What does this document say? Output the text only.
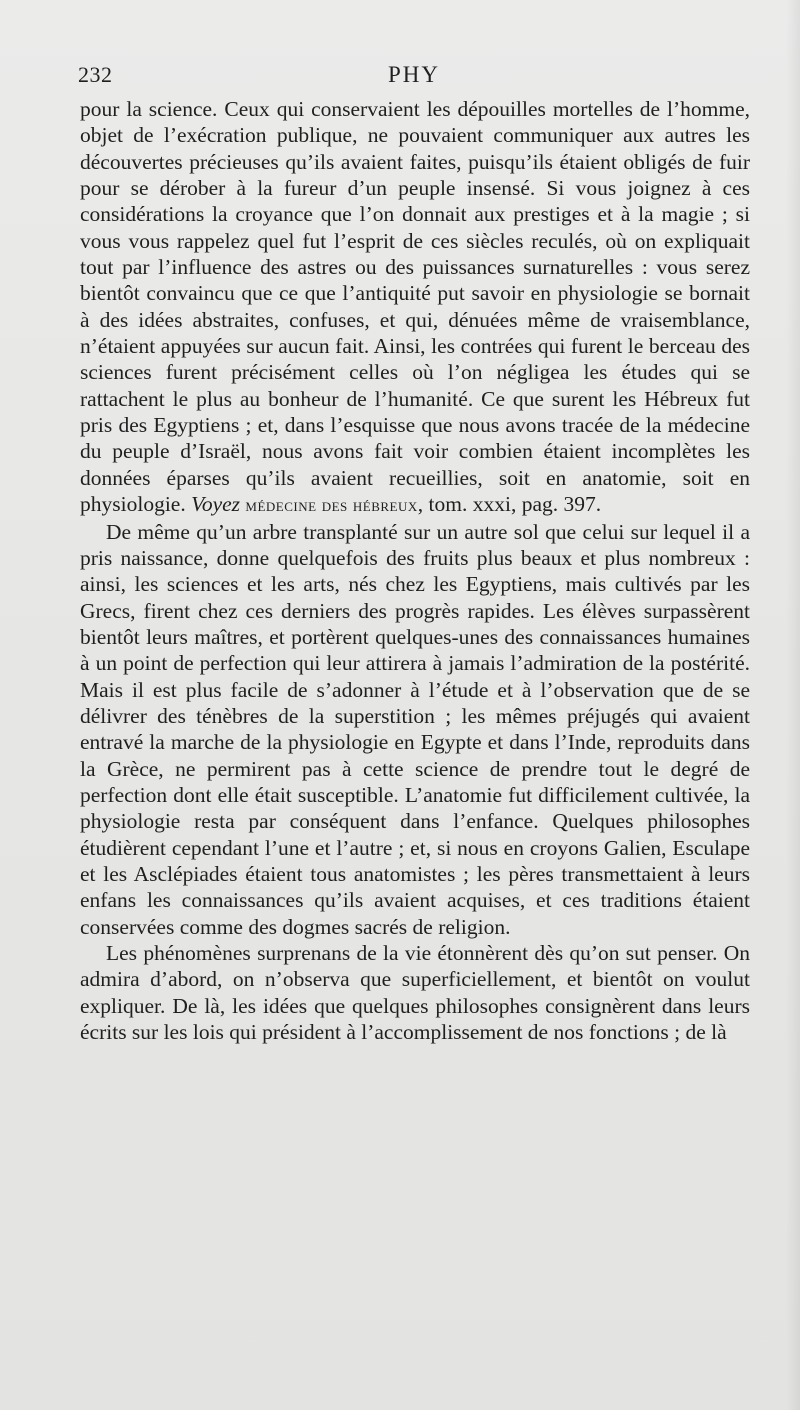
232	PHY

pour la science. Ceux qui conservaient les dépouilles mortelles de l’homme, objet de l’exécration publique, ne pouvaient communiquer aux autres les découvertes précieuses qu’ils avaient faites, puisqu’ils étaient obligés de fuir pour se dérober à la fureur d’un peuple insensé. Si vous joignez à ces considérations la croyance que l’on donnait aux prestiges et à la magie ; si vous vous rappelez quel fut l’esprit de ces siècles reculés, où on expliquait tout par l’influence des astres ou des puissances surnaturelles : vous serez bientôt convaincu que ce que l’antiquité put savoir en physiologie se bornait à des idées abstraites, confuses, et qui, dénuées même de vraisemblance, n’étaient appuyées sur aucun fait. Ainsi, les contrées qui furent le berceau des sciences furent précisément celles où l’on négligea les études qui se rattachent le plus au bonheur de l’humanité. Ce que surent les Hébreux fut pris des Egyptiens ; et, dans l’esquisse que nous avons tracée de la médecine du peuple d’Israël, nous avons fait voir combien étaient incomplètes les données éparses qu’ils avaient recueillies, soit en anatomie, soit en physiologie. Voyez médecine des hébreux, tom. xxxi, pag. 397.

De même qu’un arbre transplanté sur un autre sol que celui sur lequel il a pris naissance, donne quelquefois des fruits plus beaux et plus nombreux : ainsi, les sciences et les arts, nés chez les Egyptiens, mais cultivés par les Grecs, firent chez ces derniers des progrès rapides. Les élèves surpassèrent bientôt leurs maîtres, et portèrent quelques-unes des connaissances humaines à un point de perfection qui leur attirera à jamais l’admiration de la postérité. Mais il est plus facile de s’adonner à l’étude et à l’observation que de se délivrer des ténèbres de la superstition ; les mêmes préjugés qui avaient entravé la marche de la physiologie en Egypte et dans l’Inde, reproduits dans la Grèce, ne permirent pas à cette science de prendre tout le degré de perfection dont elle était susceptible. L’anatomie fut difficilement cultivée, la physiologie resta par conséquent dans l’enfance. Quelques philosophes étudièrent cependant l’une et l’autre ; et, si nous en croyons Galien, Esculape et les Asclépiades étaient tous anatomistes ; les pères transmettaient à leurs enfans les connaissances qu’ils avaient acquises, et ces traditions étaient conservées comme des dogmes sacrés de religion.

Les phénomènes surprenans de la vie étonnèrent dès qu’on sut penser. On admira d’abord, on n’observa que superficiellement, et bientôt on voulut expliquer. De là, les idées que quelques philosophes consignèrent dans leurs écrits sur les lois qui président à l’accomplissement de nos fonctions ; de là
